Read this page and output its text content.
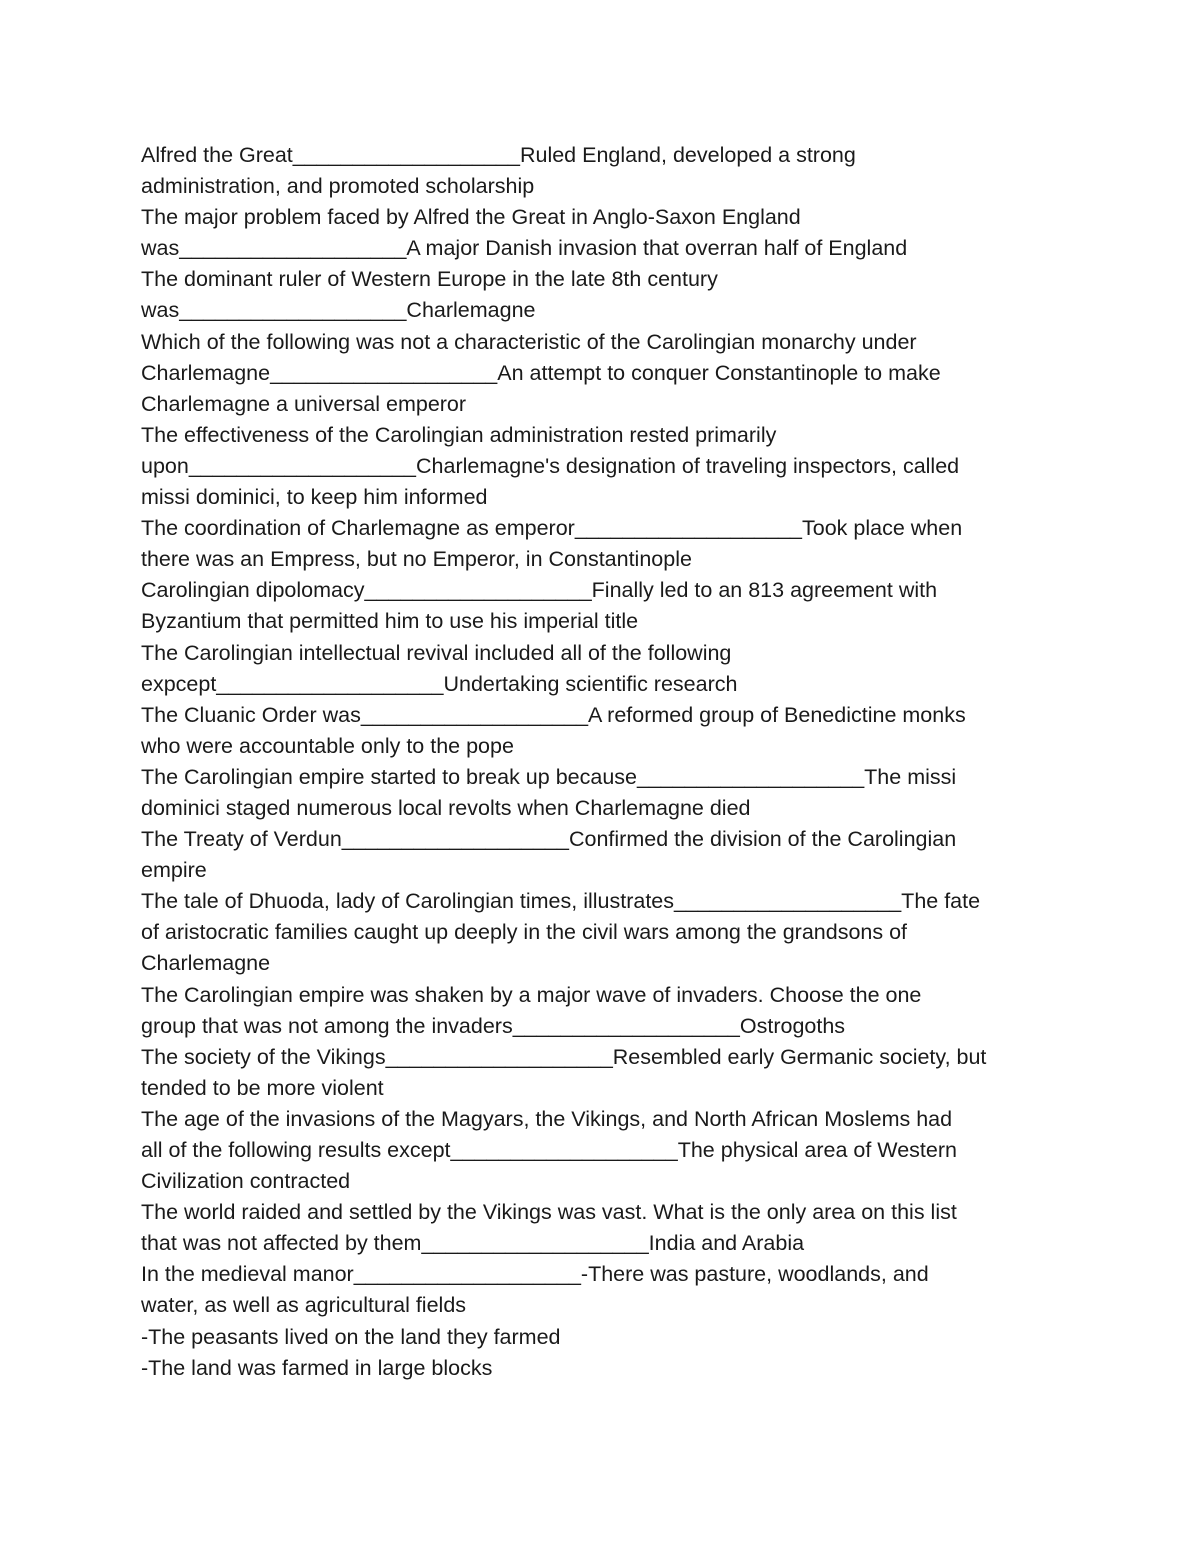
Alfred the Great___________________Ruled England, developed a strong
administration, and promoted scholarship
The major problem faced by Alfred the Great in Anglo-Saxon England
was___________________A major Danish invasion that overran half of England
The dominant ruler of Western Europe in the late 8th century
was___________________Charlemagne
Which of the following was not a characteristic of the Carolingian monarchy under
Charlemagne___________________An attempt to conquer Constantinople to make
Charlemagne a universal emperor
The effectiveness of the Carolingian administration rested primarily
upon___________________Charlemagne's designation of traveling inspectors, called
missi dominici, to keep him informed
The coordination of Charlemagne as emperor___________________Took place when
there was an Empress, but no Emperor, in Constantinople
Carolingian dipolomacy___________________Finally led to an 813 agreement with
Byzantium that permitted him to use his imperial title
The Carolingian intellectual revival included all of the following
expcept___________________Undertaking scientific research
The Cluanic Order was___________________A reformed group of Benedictine monks
who were accountable only to the pope
The Carolingian empire started to break up because___________________The missi
dominici staged numerous local revolts when Charlemagne died
The Treaty of Verdun___________________Confirmed the division of the Carolingian
empire
The tale of Dhuoda, lady of Carolingian times, illustrates___________________The fate
of aristocratic families caught up deeply in the civil wars among the grandsons of
Charlemagne
The Carolingian empire was shaken by a major wave of invaders. Choose the one
group that was not among the invaders___________________Ostrogoths
The society of the Vikings___________________Resembled early Germanic society, but
tended to be more violent
The age of the invasions of the Magyars, the Vikings, and North African Moslems had
all of the following results except___________________The physical area of Western
Civilization contracted
The world raided and settled by the Vikings was vast. What is the only area on this list
that was not affected by them___________________India and Arabia
In the medieval manor___________________-There was pasture, woodlands, and
water, as well as agricultural fields
-The peasants lived on the land they farmed
-The land was farmed in large blocks
